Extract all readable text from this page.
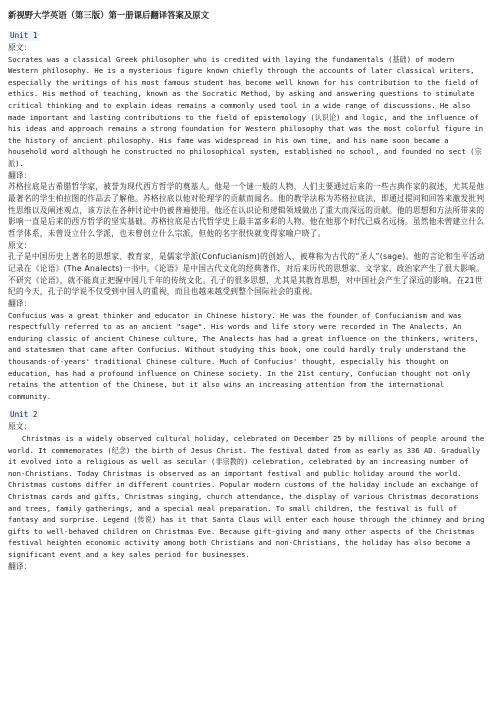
新视野大学英语（第三版）第一册课后翻译答案及原文
Unit 1
原文：

Socrates was a classical Greek philosopher who is credited with laying the fundamentals (基础) of modern Western philosophy. He is a mysterious figure known chiefly through the accounts of later classical writers, especially the writings of his most famous student has become well known for his contribution to the field of ethics. His method of teaching, known as the Socratic Method, by asking and answering questions to stimulate critical thinking and to explain ideas remains a commonly used tool in a wide range of discussions. He also made important and lasting contributions to the field of epistemology (认识论) and logic, and the influence of his ideas and approach remains a strong foundation for Western philosophy that was the most colorful figure in the history of ancient philosophy. His fame was widespread in his own time, and his name soon became a household word although he constructed no philosophical system, established no school, and founded no sect (宗派).

翻译：

苏格拉底是古希腊哲学家，被誉为现代西方哲学的奠基人。他是一个谜一般的人物，人们主要通过后来的一些古典作家的叙述，尤其是他最著名的学生柏拉图的作品去了解他。苏格拉底以他对伦理学的贡献而闻名。他的教学法称为苏格拉底法，即通过提问和回答来激发批判性思维以及阐述观点，该方法在各种讨论中仍被普遍使用。他还在认识论和逻辑领域做出了重大而深远的贡献。他的思想和方法所带来的影响一直是后来的西方哲学的坚实基础。苏格拉底是古代哲学史上最丰富多彩的人物。他在他那个时代已威名远扬。虽然他未曾建立什么哲学体系，未曾设立什么学派，也未曾创立什么宗派，但他的名字很快就变得家喻户晓了。

原文：

孔子是中国历史上著名的思想家、教育家，是儒家学派(Confucianism)的创始人，被尊称为古代的“圣人”(sage)。他的言论和生平活动记录在《论语》(The Analects)一书中。《论语》是中国古代文化的经典著作，对后来历代的思想家、文学家、政治家产生了很大影响。不研究《论语》，就不能真正把握中国几千年的传统文化。孔子的很多思想，尤其是其教育思想，对中国社会产生了深远的影响。在21世纪的今天，孔子的学说不仅受到中国人的重视，而且也越来越受到整个国际社会的重视。

翻译：

Confucius was a great thinker and educator in Chinese history. He was the founder of Confucianism and was respectfully referred to as an ancient "sage". His words and life story were recorded in The Analects. An enduring classic of ancient Chinese culture, The Analects has had a great influence on the thinkers, writers, and statesmen that came after Confucius. Without studying this book, one could hardly truly understand the thousands-of-years' traditional Chinese culture. Much of Confucius' thought, especially his thought on education, has had a profound influence on Chinese society. In the 21st century, Confucian thought not only retains the attention of the Chinese, but it also wins an increasing attention from the international community.

Unit 2
原文：

Christmas is a widely observed cultural holiday, celebrated on December 25 by millions of people around the world. It commemorates (纪念) the birth of Jesus Christ. The festival dated from as early as 336 AD. Gradually it evolved into a religious as well as secular (非宗教的) celebration, celebrated by an increasing number of non-Christians. Today Christmas is observed as an important festival and public holiday around the world. Christmas customs differ in different countries. Popular modern customs of the holiday include an exchange of Christmas cards and gifts, Christmas singing, church attendance, the display of various Christmas decorations and trees, family gatherings, and a special meal preparation. To small children, the festival is full of fantasy and surprise. Legend (传说) has it that Santa Claus will enter each house through the chimney and bring gifts to well-behaved children on Christmas Eve. Because gift-giving and many other aspects of the Christmas festival heighten economic activity among both Christians and non-Christians, the holiday has also become a significant event and a key sales period for businesses.

翻译：
